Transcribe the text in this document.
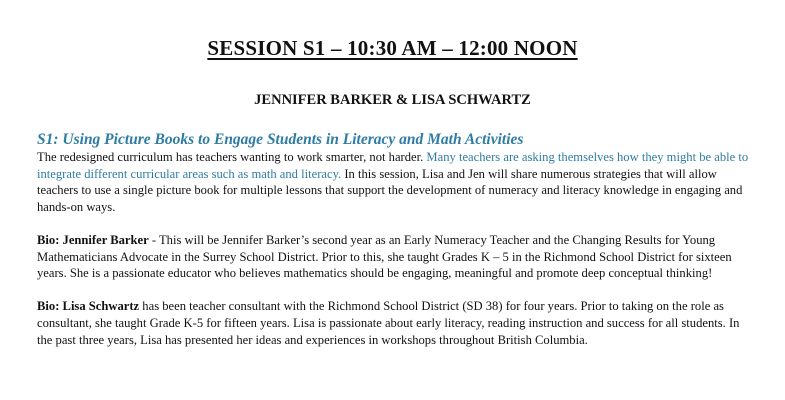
SESSION S1 – 10:30 AM – 12:00 NOON
JENNIFER BARKER & LISA SCHWARTZ
S1: Using Picture Books to Engage Students in Literacy and Math Activities

The redesigned curriculum has teachers wanting to work smarter, not harder. Many teachers are asking themselves how they might be able to integrate different curricular areas such as math and literacy. In this session, Lisa and Jen will share numerous strategies that will allow teachers to use a single picture book for multiple lessons that support the development of numeracy and literacy knowledge in engaging and hands-on ways.

Bio: Jennifer Barker - This will be Jennifer Barker’s second year as an Early Numeracy Teacher and the Changing Results for Young Mathematicians Advocate in the Surrey School District. Prior to this, she taught Grades K – 5 in the Richmond School District for sixteen years. She is a passionate educator who believes mathematics should be engaging, meaningful and promote deep conceptual thinking!

Bio: Lisa Schwartz has been teacher consultant with the Richmond School District (SD 38) for four years. Prior to taking on the role as consultant, she taught Grade K-5 for fifteen years. Lisa is passionate about early literacy, reading instruction and success for all students. In the past three years, Lisa has presented her ideas and experiences in workshops throughout British Columbia.
